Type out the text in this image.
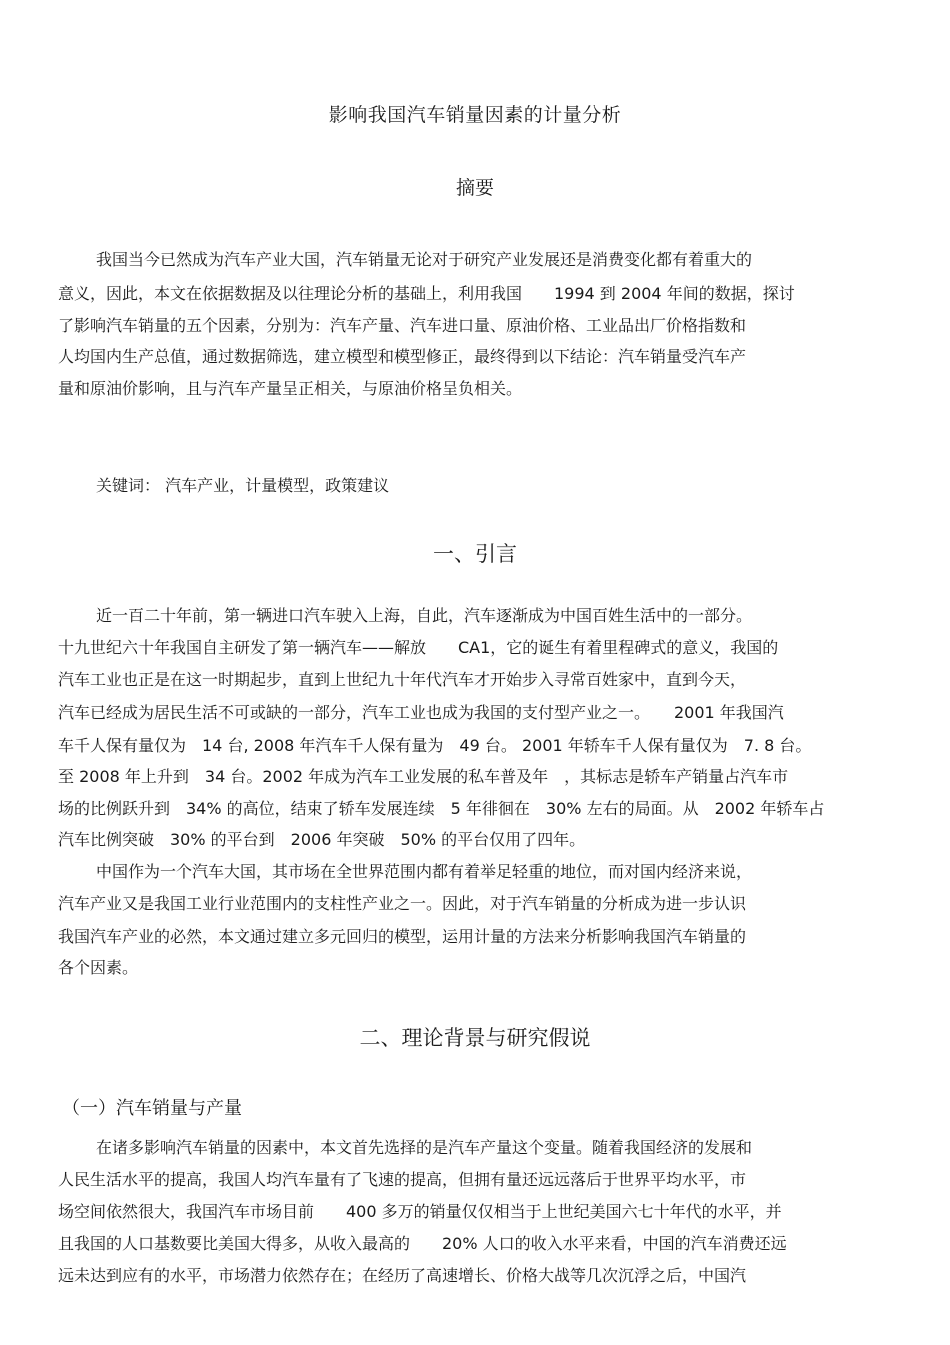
影响我国汽车销量因素的计量分析
摘要
我国当今已然成为汽车产业大国，汽车销量无论对于研究产业发展还是消费变化都有着重大的
意义，因此，本文在依据数据及以往理论分析的基础上，利用我国　　1994 到 2004 年间的数据，探讨
了影响汽车销量的五个因素，分别为：汽车产量、汽车进口量、原油价格、工业品出厂价格指数和
人均国内生产总值，通过数据筛选，建立模型和模型修正，最终得到以下结论：汽车销量受汽车产
量和原油价影响，且与汽车产量呈正相关，与原油价格呈负相关。
关键词： 汽车产业，计量模型，政策建议
一、引言
近一百二十年前，第一辆进口汽车驶入上海，自此，汽车逐渐成为中国百姓生活中的一部分。
十九世纪六十年我国自主研发了第一辆汽车——解放　　CA1，它的诞生有着里程碑式的意义，我国的
汽车工业也正是在这一时期起步，直到上世纪九十年代汽车才开始步入寻常百姓家中，直到今天，
汽车已经成为居民生活不可或缺的一部分，汽车工业也成为我国的支付型产业之一。　　2001 年我国汽
车千人保有量仅为　14 台, 2008 年汽车千人保有量为　49 台。 2001 年轿车千人保有量仅为　7. 8 台。
至 2008 年上升到　34 台。2002 年成为汽车工业发展的私车普及年　，其标志是轿车产销量占汽车市
场的比例跃升到　34% 的高位，结束了轿车发展连续　5 年徘徊在　30% 左右的局面。从　2002 年轿车占
汽车比例突破　30% 的平台到　2006 年突破　50% 的平台仅用了四年。
中国作为一个汽车大国，其市场在全世界范围内都有着举足轻重的地位，而对国内经济来说，
汽车产业又是我国工业行业范围内的支柱性产业之一。因此，对于汽车销量的分析成为进一步认识
我国汽车产业的必然，本文通过建立多元回归的模型，运用计量的方法来分析影响我国汽车销量的
各个因素。
二、理论背景与研究假说
（一）汽车销量与产量
在诸多影响汽车销量的因素中，本文首先选择的是汽车产量这个变量。随着我国经济的发展和
人民生活水平的提高，我国人均汽车量有了飞速的提高，但拥有量还远远落后于世界平均水平，市
场空间依然很大，我国汽车市场目前　　400 多万的销量仅仅相当于上世纪美国六七十年代的水平，并
且我国的人口基数要比美国大得多，从收入最高的　　20% 人口的收入水平来看，中国的汽车消费还远
远未达到应有的水平，市场潜力依然存在；在经历了高速增长、价格大战等几次沉浮之后，中国汽
